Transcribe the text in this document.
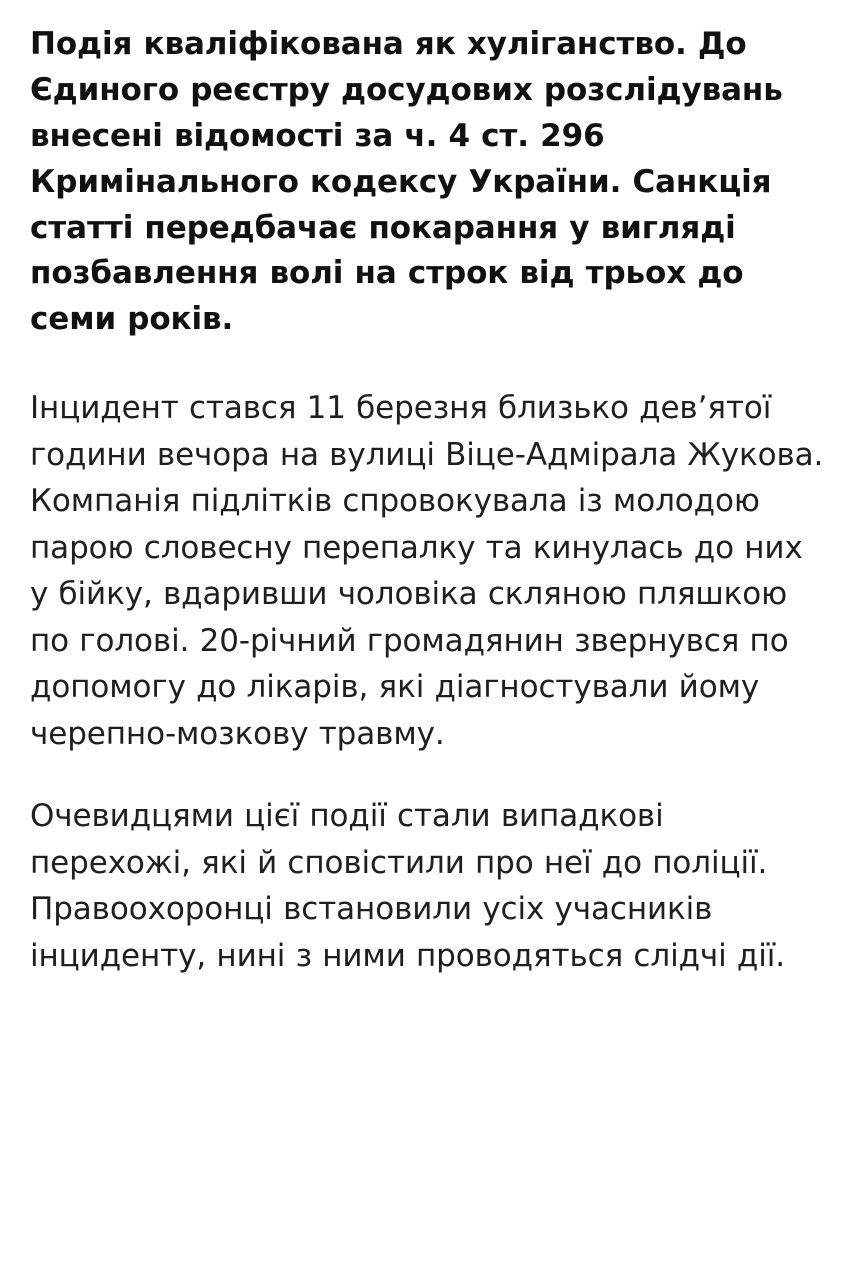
Подія кваліфікована як хуліганство. До Єдиного реєстру досудових розслідувань внесені відомості за ч. 4 ст. 296 Кримінального кодексу України. Санкція статті передбачає покарання у вигляді позбавлення волі на строк від трьох до семи років.

Інцидент стався 11 березня близько дев’ятої години вечора на вулиці Віце-Адмірала Жукова. Компанія підлітків спровокувала із молодою парою словесну перепалку та кинулась до них у бійку, вдаривши чоловіка скляною пляшкою по голові. 20-річний громадянин звернувся по допомогу до лікарів, які діагностували йому черепно-мозкову травму.

Очевидцями цієї події стали випадкові перехожі, які й сповістили про неї до поліції. Правоохоронці встановили усіх учасників інциденту, нині з ними проводяться слідчі дії.
